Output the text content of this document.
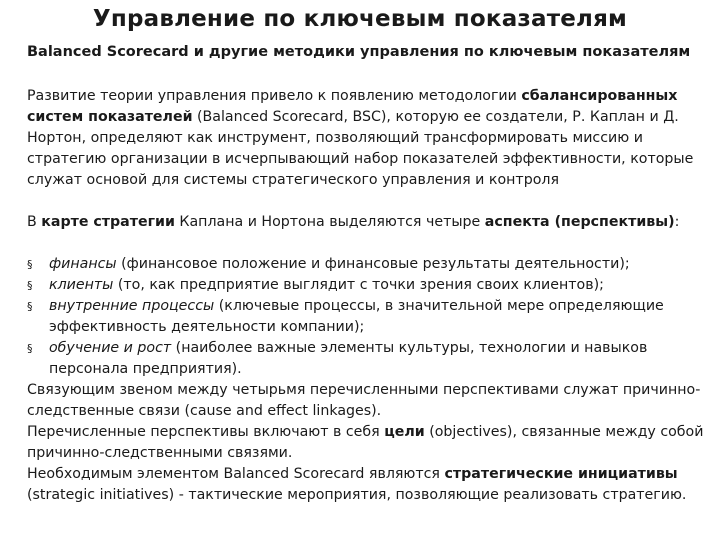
Управление по ключевым показателям

Balanced Scorecard и другие методики управления по ключевым показателям

Развитие теории управления привело к появлению методологии сбалансированных систем показателей (Balanced Scorecard, BSC), которую ее создатели, Р. Каплан и Д. Нортон, определяют как инструмент, позволяющий трансформировать миссию и стратегию организации в исчерпывающий набор показателей эффективности, которые служат основой для системы стратегического управления и контроля

В карте стратегии Каплана и Нортона выделяются четыре аспекта (перспективы):

§ финансы (финансовое положение и финансовые результаты деятельности);
§ клиенты (то, как предприятие выглядит с точки зрения своих клиентов);
§ внутренние процессы (ключевые процессы, в значительной мере определяющие эффективность деятельности компании);
§ обучение и рост (наиболее важные элементы культуры, технологии и навыков персонала предприятия).

Связующим звеном между четырьмя перечисленными перспективами служат причинно-следственные связи (cause and effect linkages).

Перечисленные перспективы включают в себя цели (objectives), связанные между собой причинно-следственными связями.

Необходимым элементом Balanced Scorecard являются стратегические инициативы (strategic initiatives) - тактические мероприятия, позволяющие реализовать стратегию.
